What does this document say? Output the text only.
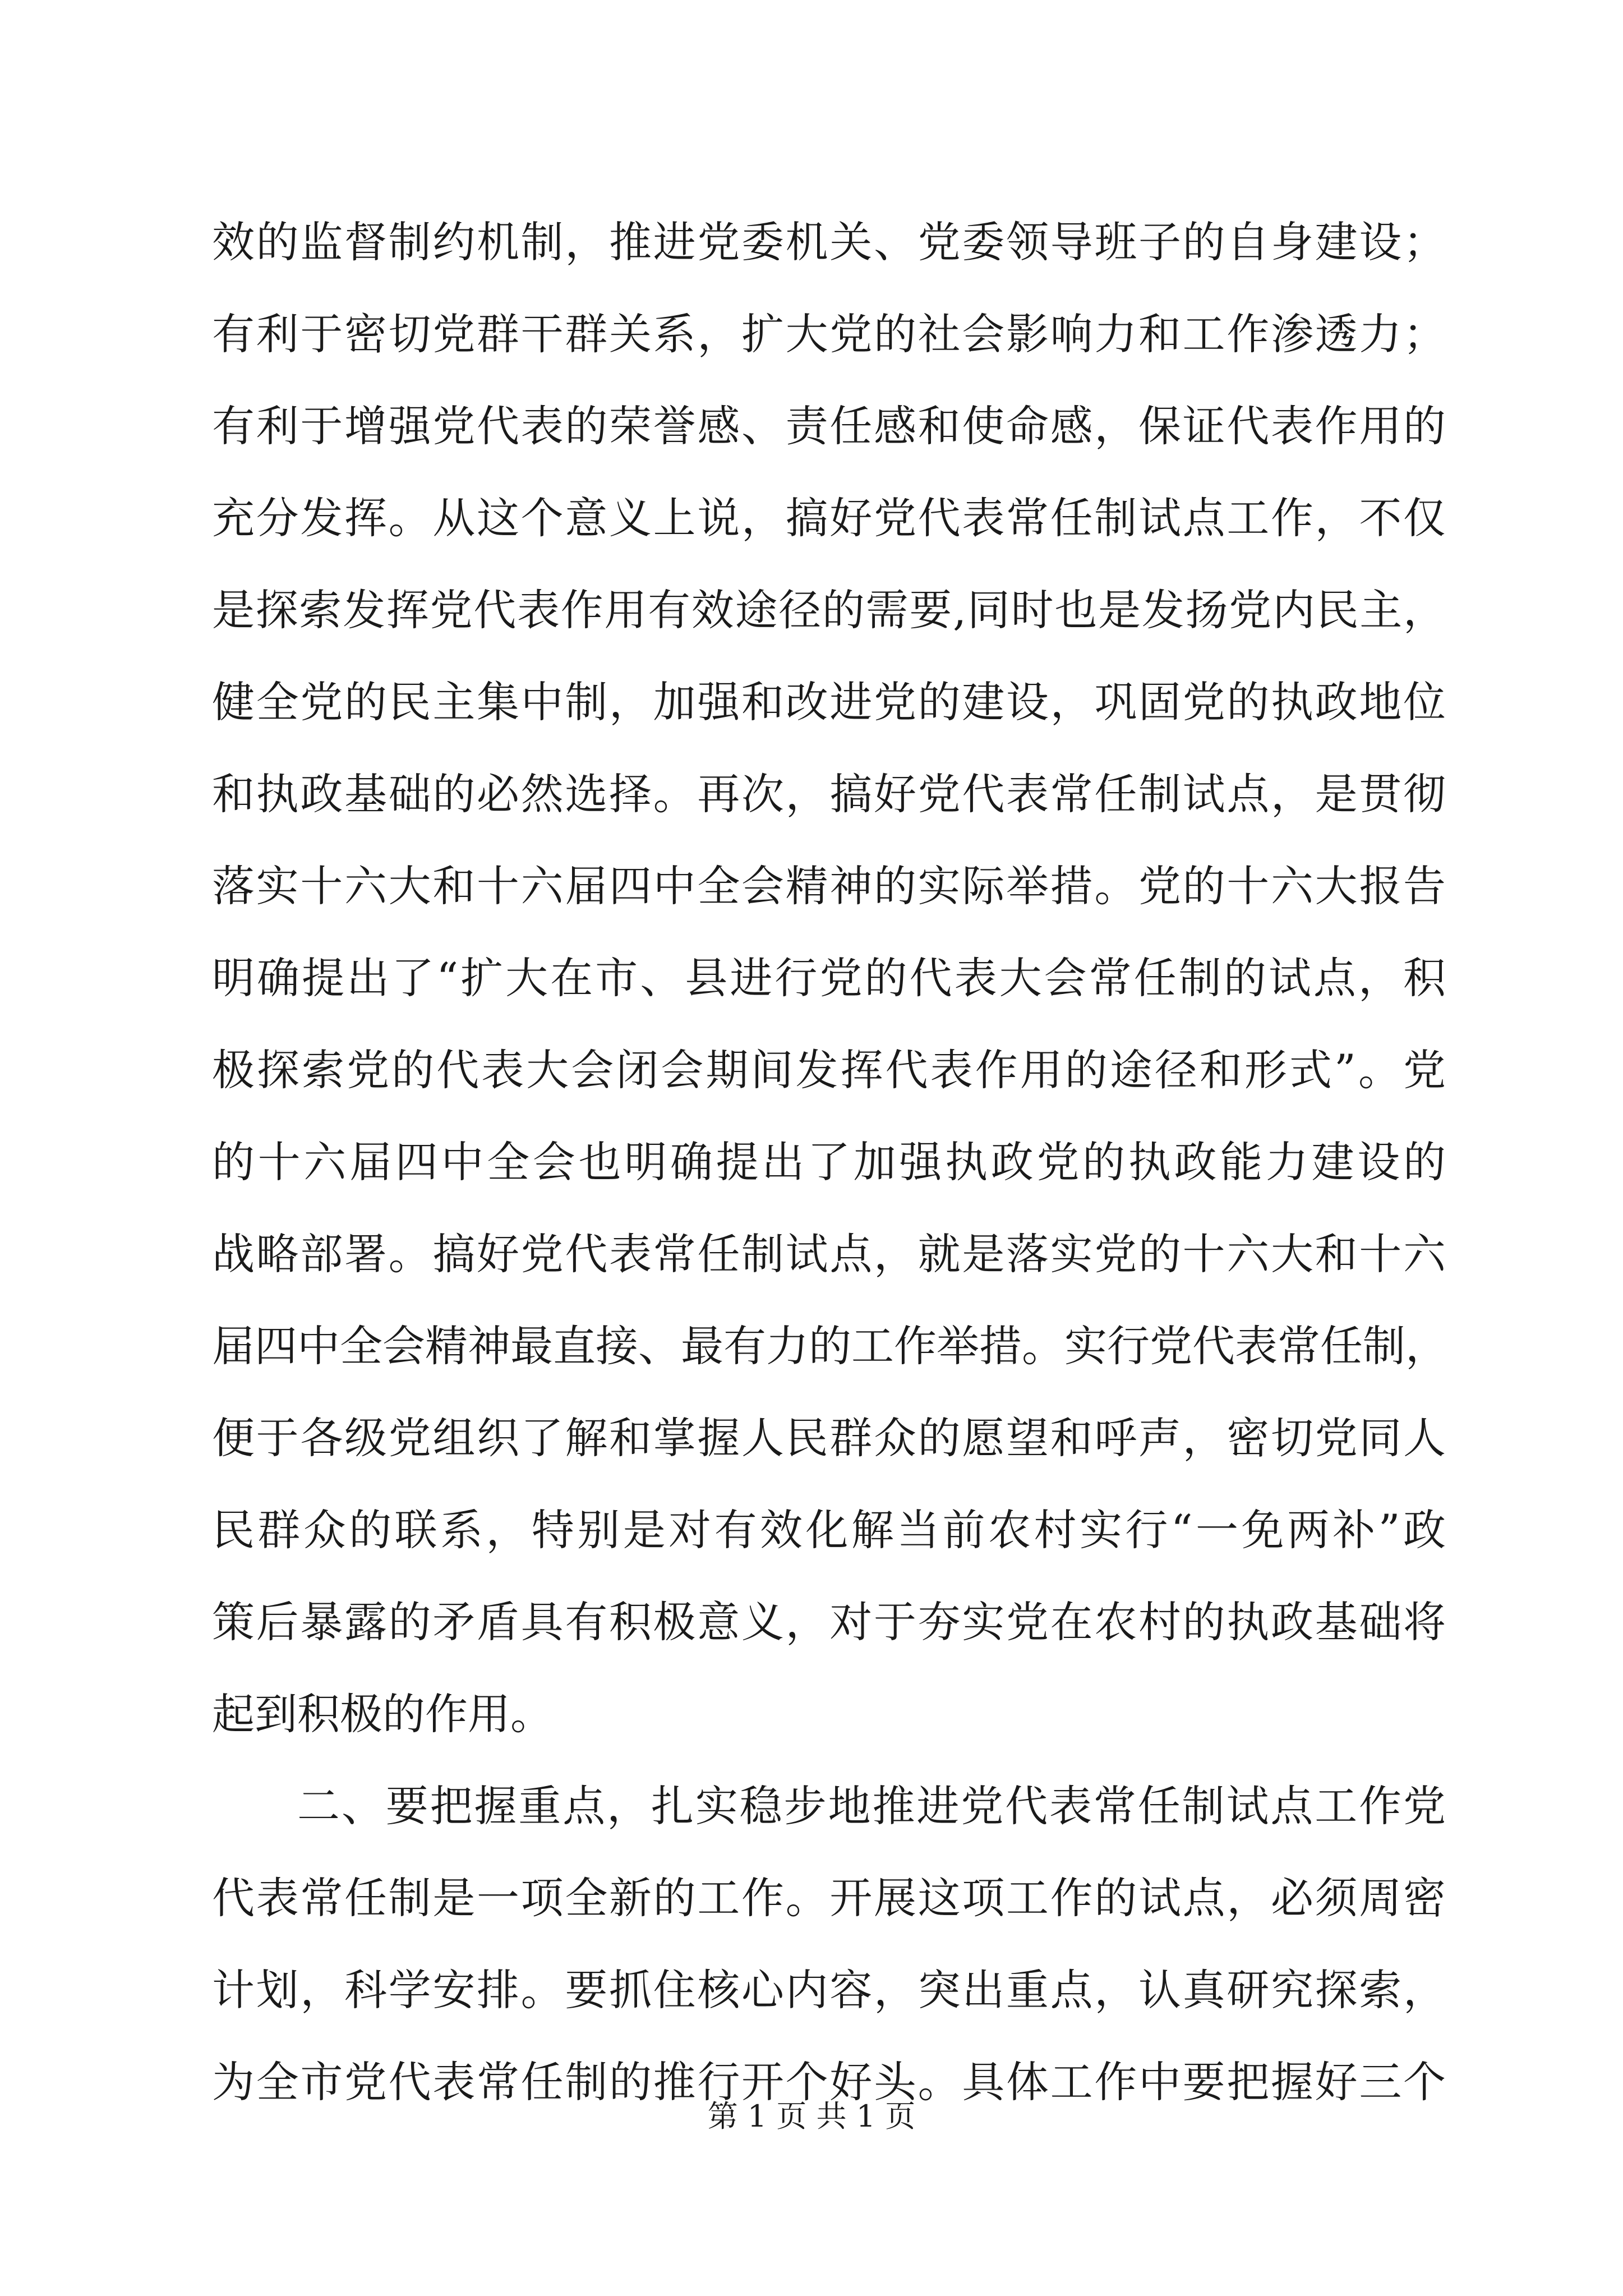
效的监督制约机制，推进党委机关、党委领导班子的自身建设；
有利于密切党群干群关系，扩大党的社会影响力和工作渗透力；
有利于增强党代表的荣誉感、责任感和使命感，保证代表作用的
充分发挥。从这个意义上说，搞好党代表常任制试点工作，不仅
是探索发挥党代表作用有效途径的需要,同时也是发扬党内民主，
健全党的民主集中制，加强和改进党的建设，巩固党的执政地位
和执政基础的必然选择。再次，搞好党代表常任制试点，是贯彻
落实十六大和十六届四中全会精神的实际举措。党的十六大报告
明确提出了“扩大在市、县进行党的代表大会常任制的试点，积
极探索党的代表大会闭会期间发挥代表作用的途径和形式”。党
的十六届四中全会也明确提出了加强执政党的执政能力建设的
战略部署。搞好党代表常任制试点，就是落实党的十六大和十六
届四中全会精神最直接、最有力的工作举措。实行党代表常任制，
便于各级党组织了解和掌握人民群众的愿望和呼声，密切党同人
民群众的联系，特别是对有效化解当前农村实行“一免两补”政
策后暴露的矛盾具有积极意义，对于夯实党在农村的执政基础将
起到积极的作用。
二、要把握重点，扎实稳步地推进党代表常任制试点工作党
代表常任制是一项全新的工作。开展这项工作的试点，必须周密
计划，科学安排。要抓住核心内容，突出重点，认真研究探索，
为全市党代表常任制的推行开个好头。具体工作中要把握好三个
第 1 页 共 1 页
